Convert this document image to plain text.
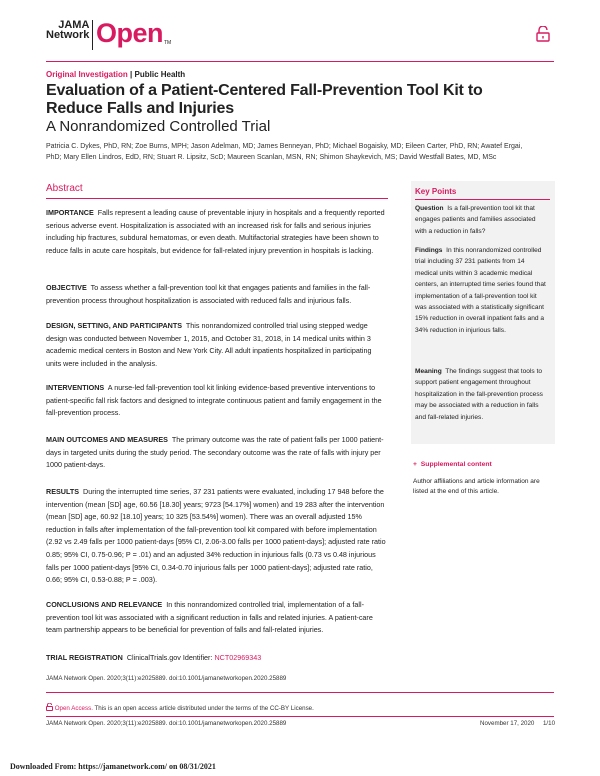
JAMA
Network Open TM
Original Investigation | Public Health
Evaluation of a Patient-Centered Fall-Prevention Tool Kit to Reduce Falls and Injuries
A Nonrandomized Controlled Trial
Patricia C. Dykes, PhD, RN; Zoe Burns, MPH; Jason Adelman, MD; James Benneyan, PhD; Michael Bogaisky, MD; Eileen Carter, PhD, RN; Awatef Ergai, PhD; Mary Ellen Lindros, EdD, RN; Stuart R. Lipsitz, ScD; Maureen Scanlan, MSN, RN; Shimon Shaykevich, MS; David Westfall Bates, MD, MSc
Abstract
IMPORTANCE Falls represent a leading cause of preventable injury in hospitals and a frequently reported serious adverse event. Hospitalization is associated with an increased risk for falls and serious injuries including hip fractures, subdural hematomas, or even death. Multifactorial strategies have been shown to reduce falls in acute care hospitals, but evidence for fall-related injury prevention in hospitals is lacking.
OBJECTIVE To assess whether a fall-prevention tool kit that engages patients and families in the fall-prevention process throughout hospitalization is associated with reduced falls and injurious falls.
DESIGN, SETTING, AND PARTICIPANTS This nonrandomized controlled trial using stepped wedge design was conducted between November 1, 2015, and October 31, 2018, in 14 medical units within 3 academic medical centers in Boston and New York City. All adult inpatients hospitalized in participating units were included in the analysis.
INTERVENTIONS A nurse-led fall-prevention tool kit linking evidence-based preventive interventions to patient-specific fall risk factors and designed to integrate continuous patient and family engagement in the fall-prevention process.
MAIN OUTCOMES AND MEASURES The primary outcome was the rate of patient falls per 1000 patient-days in targeted units during the study period. The secondary outcome was the rate of falls with injury per 1000 patient-days.
RESULTS During the interrupted time series, 37 231 patients were evaluated, including 17 948 before the intervention (mean [SD] age, 60.56 [18.30] years; 9723 [54.17%] women) and 19 283 after the intervention (mean [SD] age, 60.92 [18.10] years; 10 325 [53.54%] women). There was an overall adjusted 15% reduction in falls after implementation of the fall-prevention tool kit compared with before implementation (2.92 vs 2.49 falls per 1000 patient-days [95% CI, 2.06-3.00 falls per 1000 patient-days]; adjusted rate ratio 0.85; 95% CI, 0.75-0.96; P = .01) and an adjusted 34% reduction in injurious falls (0.73 vs 0.48 injurious falls per 1000 patient-days [95% CI, 0.34-0.70 injurious falls per 1000 patient-days]; adjusted rate ratio, 0.66; 95% CI, 0.53-0.88; P = .003).
CONCLUSIONS AND RELEVANCE In this nonrandomized controlled trial, implementation of a fall-prevention tool kit was associated with a significant reduction in falls and related injuries. A patient-care team partnership appears to be beneficial for prevention of falls and fall-related injuries.
TRIAL REGISTRATION ClinicalTrials.gov Identifier: NCT02969343
Key Points
Question Is a fall-prevention tool kit that engages patients and families associated with a reduction in falls?
Findings In this nonrandomized controlled trial including 37 231 patients from 14 medical units within 3 academic medical centers, an interrupted time series found that implementation of a fall-prevention tool kit was associated with a statistically significant 15% reduction in overall inpatient falls and a 34% reduction in injurious falls.
Meaning The findings suggest that tools to support patient engagement throughout hospitalization in the fall-prevention process may be associated with a reduction in falls and fall-related injuries.
+ Supplemental content
Author affiliations and article information are listed at the end of this article.
JAMA Network Open. 2020;3(11):e2025889. doi:10.1001/jamanetworkopen.2020.25889
Open Access. This is an open access article distributed under the terms of the CC-BY License.
JAMA Network Open. 2020;3(11):e2025889. doi:10.1001/jamanetworkopen.2020.25889	November 17, 2020 1/10
Downloaded From: https://jamanetwork.com/ on 08/31/2021
